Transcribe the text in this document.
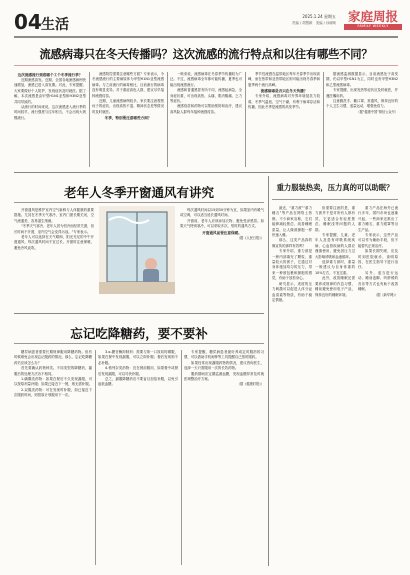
04 生活
2025.1.24 星期五
责编 / 胡慧颖　美编 / 孙晓映 家庭周报
FAMILY WEEKLY
流感病毒只在冬天传播吗？这次流感的流行特点和以往有哪些不同？

这次流感流行到底哪个工个冬季流行季？

近期流感高发。近期，全国各地流感病例快速增加，流感已进入高发期。对此，专家提醒，大家要做好个人防护，发现症状及时就医。据了解，本次流感是由甲型H1N1亚型和H3N2亚型共同导致的。

从流行的时间来说，这次流感进入流行季的时间较早，流行强度与往年相当，不会出现大规模流行。

流感防控需要注意哪些方面？专家表示，今冬流感流行的主要病原体为甲型H1N1亚型流感病毒。与之前流行的病毒相比，目前流行的病毒没有明显变异。对于重症高危人群，建议尽早接种流感疫苗。

近期，儿童流感病例较多。家长要注意观察孩子的症状，出现高热不退、精神状态差等情况时及时就医。

冬季，特别要注意哪些方面？

一般来说，流感病毒在冬春季节传播较为广泛。不过，流感病毒全年都可能传播，夏季也可能出现流感流行。

流感和普通感冒有所不同，流感起病急，全身症状重，可出现高热、头痛、肌肉酸痛、乏力等症状。

流感疫苗和药物可以帮助预防和治疗，建议高风险人群每年接种流感疫苗。

季节性流感在温带地区每年冬春季节出现高峰，而在热带和亚热带地区则可能出现冬春季和夏季两个流行高峰。

流感病毒是否只在冬天传播？

专家介绍，流感病毒对外界环境抵抗力较弱，冬季气温低、空气干燥，有利于病毒存活和传播，因此冬季是流感的高发季节。

据流感监测数据显示，目前流感处于高发期，仍以甲型H1N1为主，同时也有甲型H3N2和乙型流感病毒。

专家提醒，出现发热等症状应及时就医，并遵医嘱用药。

注意勤洗手、戴口罩、常通风，保持良好的个人卫生习惯，适量运动，增强免疫力。

（据“健康中国”微信公众号）
老年人冬季开窗通风有讲究

开窗通风是维护室内空气新鲜与人体健康的重要措施。尤其在冬季天气寒冷，室内门窗长期关闭，空气流通差，容易滋生细菌。

“冬季天气寒冷，老年人因为怕冷而经常关窗，但长时间不开窗，室内空气会变得污浊。”专家表示。

老年人可以选择在天气晴朗、阳光充足的中午开窗通风，每次通风时间不宜过长，开窗时注意保暖，避免冷风直吹。

每次通风时间以15到30分钟为宜，如果室内有暖气或空调，可以适当延长通风时间。

开窗前，老年人应该添加衣物，避免受凉感冒。如果天气特别寒冷，可以采取多次、短时的通风方式。

开窗通风前要注意保暖。

（据《人民日报》）
忘记吃降糖药，要不要补

糖尿病患者需要长期规律服用降糖药物。但有时候难免会出现忘记服药的情况。那么，忘记吃降糖药后应该怎么办？

首先要确认药物种类。不同类型的降糖药，漏服后的处理方法各不相同。

1.磺脲类药物：如果在餐后不久发现漏服，可以按原剂量补服；如果已接近下一餐，则无需补服。

2.双胍类药物：可在发现时补服，如已接近下次服药时间，则按原计划服用下一次。

3.α-糖苷酶抑制剂：需要与第一口饭同时嚼服，如果在餐中发现漏服，可以立即补服；餐后发现则不必补服。

4.格列奈类药物：宜在餐前服用，如果餐中或餐后发现漏服，可以尽快补服。

总之，漏服降糖药后不要盲目加倍补服，以免引起低血糖。

专家提醒，糖尿病患者最好养成定时服药的习惯，可以借助手机闹钟等工具提醒自己按时服药。

如果经常出现漏服药物的情况，建议咨询医生，选择一天只需服用一次的长效药物。

服药期间应定期监测血糖，发现血糖异常及时就医调整治疗方案。

（据《健康时报》）
重力服装热卖，压力真的可以助眠？

最近，“重力被”“重力睡衣”等产品在网络上热销。不少商家宣称，它们能够减轻焦虑、改善睡眠质量，让人像被拥抱一样快速入睡。

那么，这类产品真的像宣传的那样有效吗？

专家介绍，重力被是一种内部填充了颗粒、重量较大的被子，它通过对身体施加均匀的压力，带来一种被包裹和拥抱的感觉，有助于放松身心。

研究显示，适度的压力刺激可以促进人体分泌血清素等物质，有助于稳定情绪。

但需要注意的是，重力被并不是对所有人都有效，它更适合有轻度焦虑、睡眠浅等问题的人群。

专家提醒，儿童、老年人及患有呼吸系统疾病、心血管疾病的人群应谨慎使用，避免因压力过大影响呼吸和血液循环。

选择重力被时，重量一般建议为自身体重的10%左右，不宜过重。

此外，改善睡眠还需要养成规律的作息习惯，睡前避免使用电子产品，保持良好的睡眠环境。

重力产品在海外已流行多年，国内市场也逐渐兴起，一些商家还推出了重力睡衣、重力眼罩等衍生产品。

专家表示，这些产品可以作为辅助手段，但不能替代正规治疗。

如果长期失眠，应及时到医院就诊，查明原因，在医生指导下进行治疗。

另外，适当进行运动、睡前泡脚、听舒缓的音乐等方式也有助于改善睡眠。

（据《新华网》）
